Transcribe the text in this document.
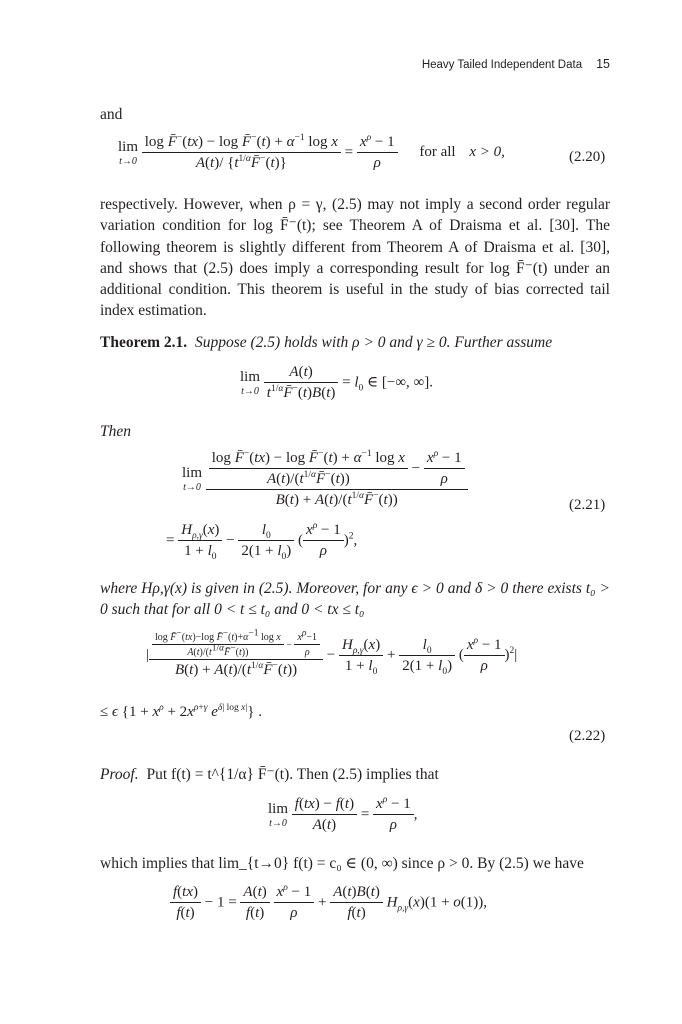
Heavy Tailed Independent Data 15
and
lim
t→0
$\frac{\log F̄^-(tx) - \log F̄^-(t) + \alpha^{-1} \log x}{A(t)/ \{t^{1/\alpha}F̄^-(t)\}} = \frac{x^\rho - 1}{\rho}$ for all x > 0,	(2.20)
respectively. However, when ρ = γ, (2.5) may not imply a second order regular variation condition for log F̄⁻(t); see Theorem A of Draisma et al. [30]. The following theorem is slightly different from Theorem A of Draisma et al. [30], and shows that (2.5) does imply a corresponding result for log F̄⁻(t) under an additional condition. This theorem is useful in the study of bias corrected tail index estimation.
Theorem 2.1. Suppose (2.5) holds with ρ > 0 and γ ≥ 0. Further assume
lim
t→0
$\frac{A(t)}{t^{1/\alpha}F̄^-(t)B(t)} = l_0$ ∈ [−∞, ∞].
Then
lim
t→0
$\frac{\log F̄^-(tx) - \log F̄^-(t) + \alpha^{-1} \log x}{A(t)/(t^{1/\alpha}F̄^-(t))} - \frac{x^\rho - 1}{\rho}$
$B(t) + A(t)/(t^{1/\alpha}F̄^-(t))$	(2.21)
= $\frac{H_{\rho,\gamma}(x)}{1 + l_0} - \frac{l_0}{2(1 + l_0)}$ ( $\frac{x^\rho - 1}{\rho} )^2$,
where Hρ,γ(x) is given in (2.5). Moreover, for any ϵ > 0 and δ > 0 there exists t₀ > 0 such that for all 0 < t ≤ t₀ and 0 < tx ≤ t₀
| $\frac{\log F̄^-(tx)-\log F̄^-(t)+\alpha^{-1} \log x}{A(t)/(t^{1/\alpha}F̄^-(t))} - \frac{x^\rho-1}{\rho}$
$B(t) + A(t)/(t^{1/\alpha}F̄^-(t))$
− $\frac{H_{\rho,\gamma}(x)}{1 + l_0} + \frac{l_0}{2(1 + l_0)}$ ( $\frac{x^\rho - 1}{\rho} )^2|$
≤ ϵ {$1 + x^\rho + 2x^{\rho+\gamma}$ $e^{\delta| log x|}$} .
(2.22)
Proof. Put f(t) = t^{1/α} F̄⁻(t). Then (2.5) implies that
lim
t→0
$\frac{f(tx) - f(t)}{A(t)} = \frac{x^\rho - 1}{\rho}$ ,
which implies that lim_{t→0} f(t) = c₀ ∈ (0, ∞) since ρ > 0. By (2.5) we have
$\frac{f(tx)}{f(t)} - 1 = \frac{A(t)}{f(t)}$
$\frac{x^\rho - 1}{\rho} + \frac{A(t)B(t)}{f(t)} H_{\rho,\gamma}(x)(1 + o(1))$,
